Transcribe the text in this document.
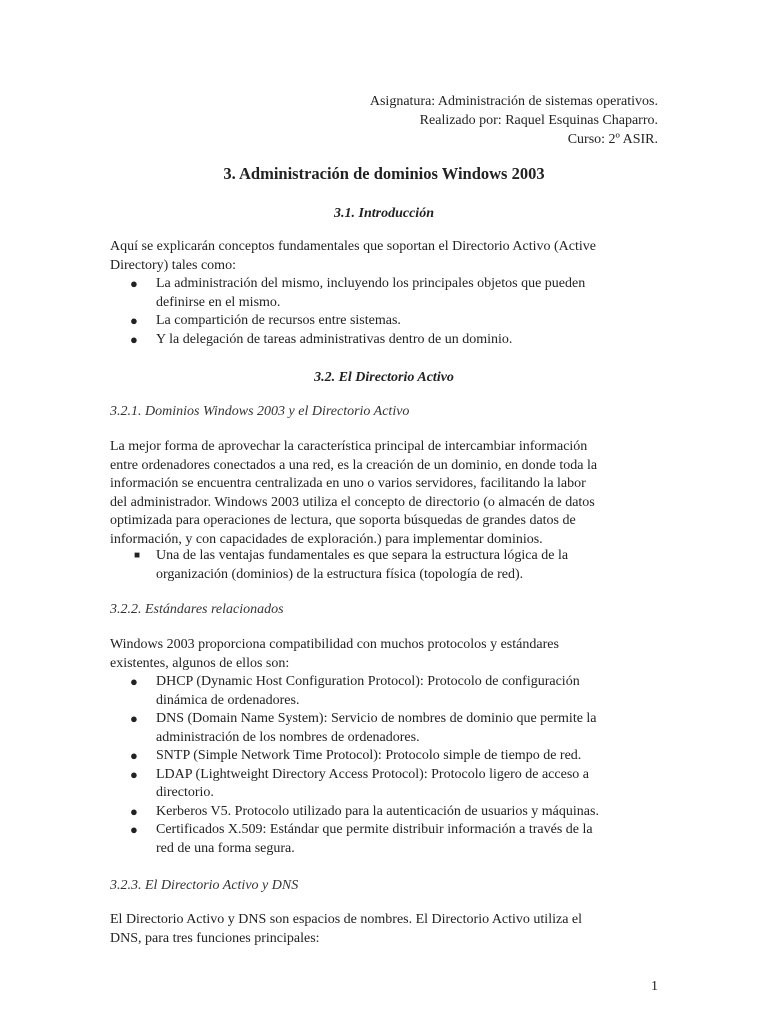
Asignatura: Administración de sistemas operativos.
Realizado por: Raquel Esquinas Chaparro.
Curso: 2º ASIR.
3. Administración de dominios Windows 2003
3.1. Introducción
Aquí se explicarán conceptos fundamentales que soportan el Directorio Activo (Active
Directory) tales como:
● La administración del mismo, incluyendo los principales objetos que pueden
definirse en el mismo.
● La compartición de recursos entre sistemas.
● Y la delegación de tareas administrativas dentro de un dominio.
3.2. El Directorio Activo
3.2.1. Dominios Windows 2003 y el Directorio Activo
La mejor forma de aprovechar la característica principal de intercambiar información
entre ordenadores conectados a una red, es la creación de un dominio, en donde toda la
información se encuentra centralizada en uno o varios servidores, facilitando la labor
del administrador. Windows 2003 utiliza el concepto de directorio (o almacén de datos
optimizada para operaciones de lectura, que soporta búsquedas de grandes datos de
información, y con capacidades de exploración.) para implementar dominios.
■ Una de las ventajas fundamentales es que separa la estructura lógica de la
organización (dominios) de la estructura física (topología de red).
3.2.2. Estándares relacionados
Windows 2003 proporciona compatibilidad con muchos protocolos y estándares
existentes, algunos de ellos son:
● DHCP (Dynamic Host Configuration Protocol): Protocolo de configuración
dinámica de ordenadores.
● DNS (Domain Name System): Servicio de nombres de dominio que permite la
administración de los nombres de ordenadores.
● SNTP (Simple Network Time Protocol): Protocolo simple de tiempo de red.
● LDAP (Lightweight Directory Access Protocol): Protocolo ligero de acceso a
directorio.
● Kerberos V5. Protocolo utilizado para la autenticación de usuarios y máquinas.
● Certificados X.509: Estándar que permite distribuir información a través de la
red de una forma segura.
3.2.3. El Directorio Activo y DNS
El Directorio Activo y DNS son espacios de nombres. El Directorio Activo utiliza el
DNS, para tres funciones principales:
1
